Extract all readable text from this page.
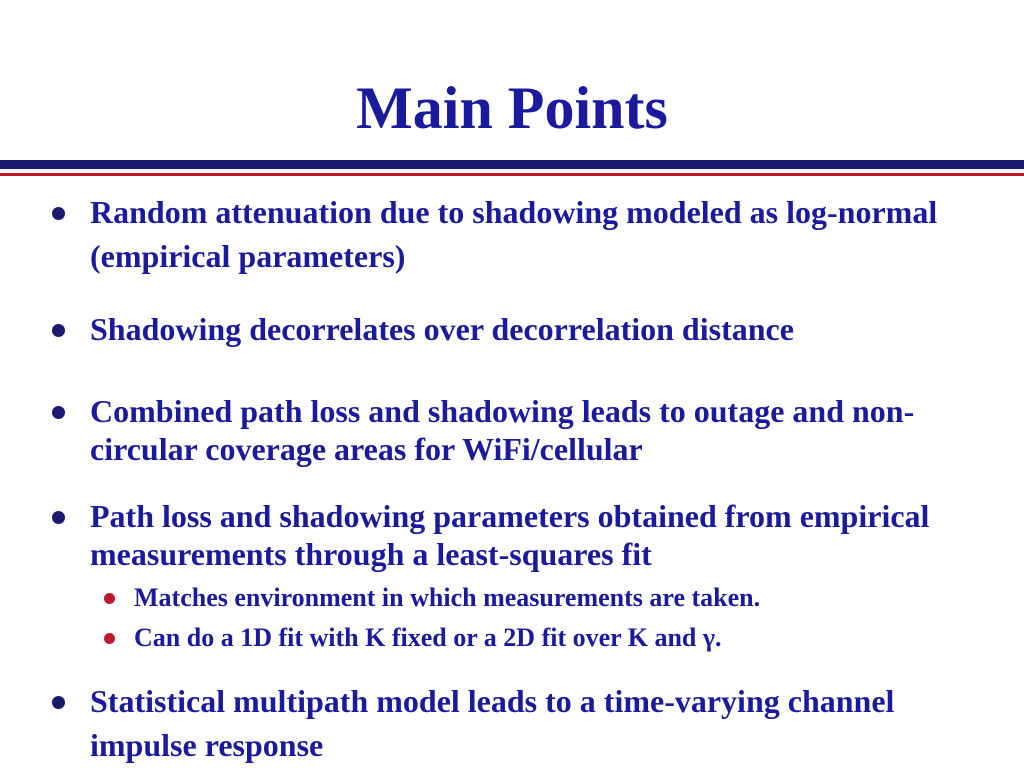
Main Points
Random attenuation due to shadowing modeled as log-normal (empirical parameters)
Shadowing decorrelates over decorrelation distance
Combined path loss and shadowing leads to outage and non-circular coverage areas for WiFi/cellular
Path loss and shadowing parameters obtained from empirical measurements through a least-squares fit
Matches environment in which measurements are taken.
Can do a 1D fit with K fixed or a 2D fit over K and γ.
Statistical multipath model leads to a time-varying channel impulse response
